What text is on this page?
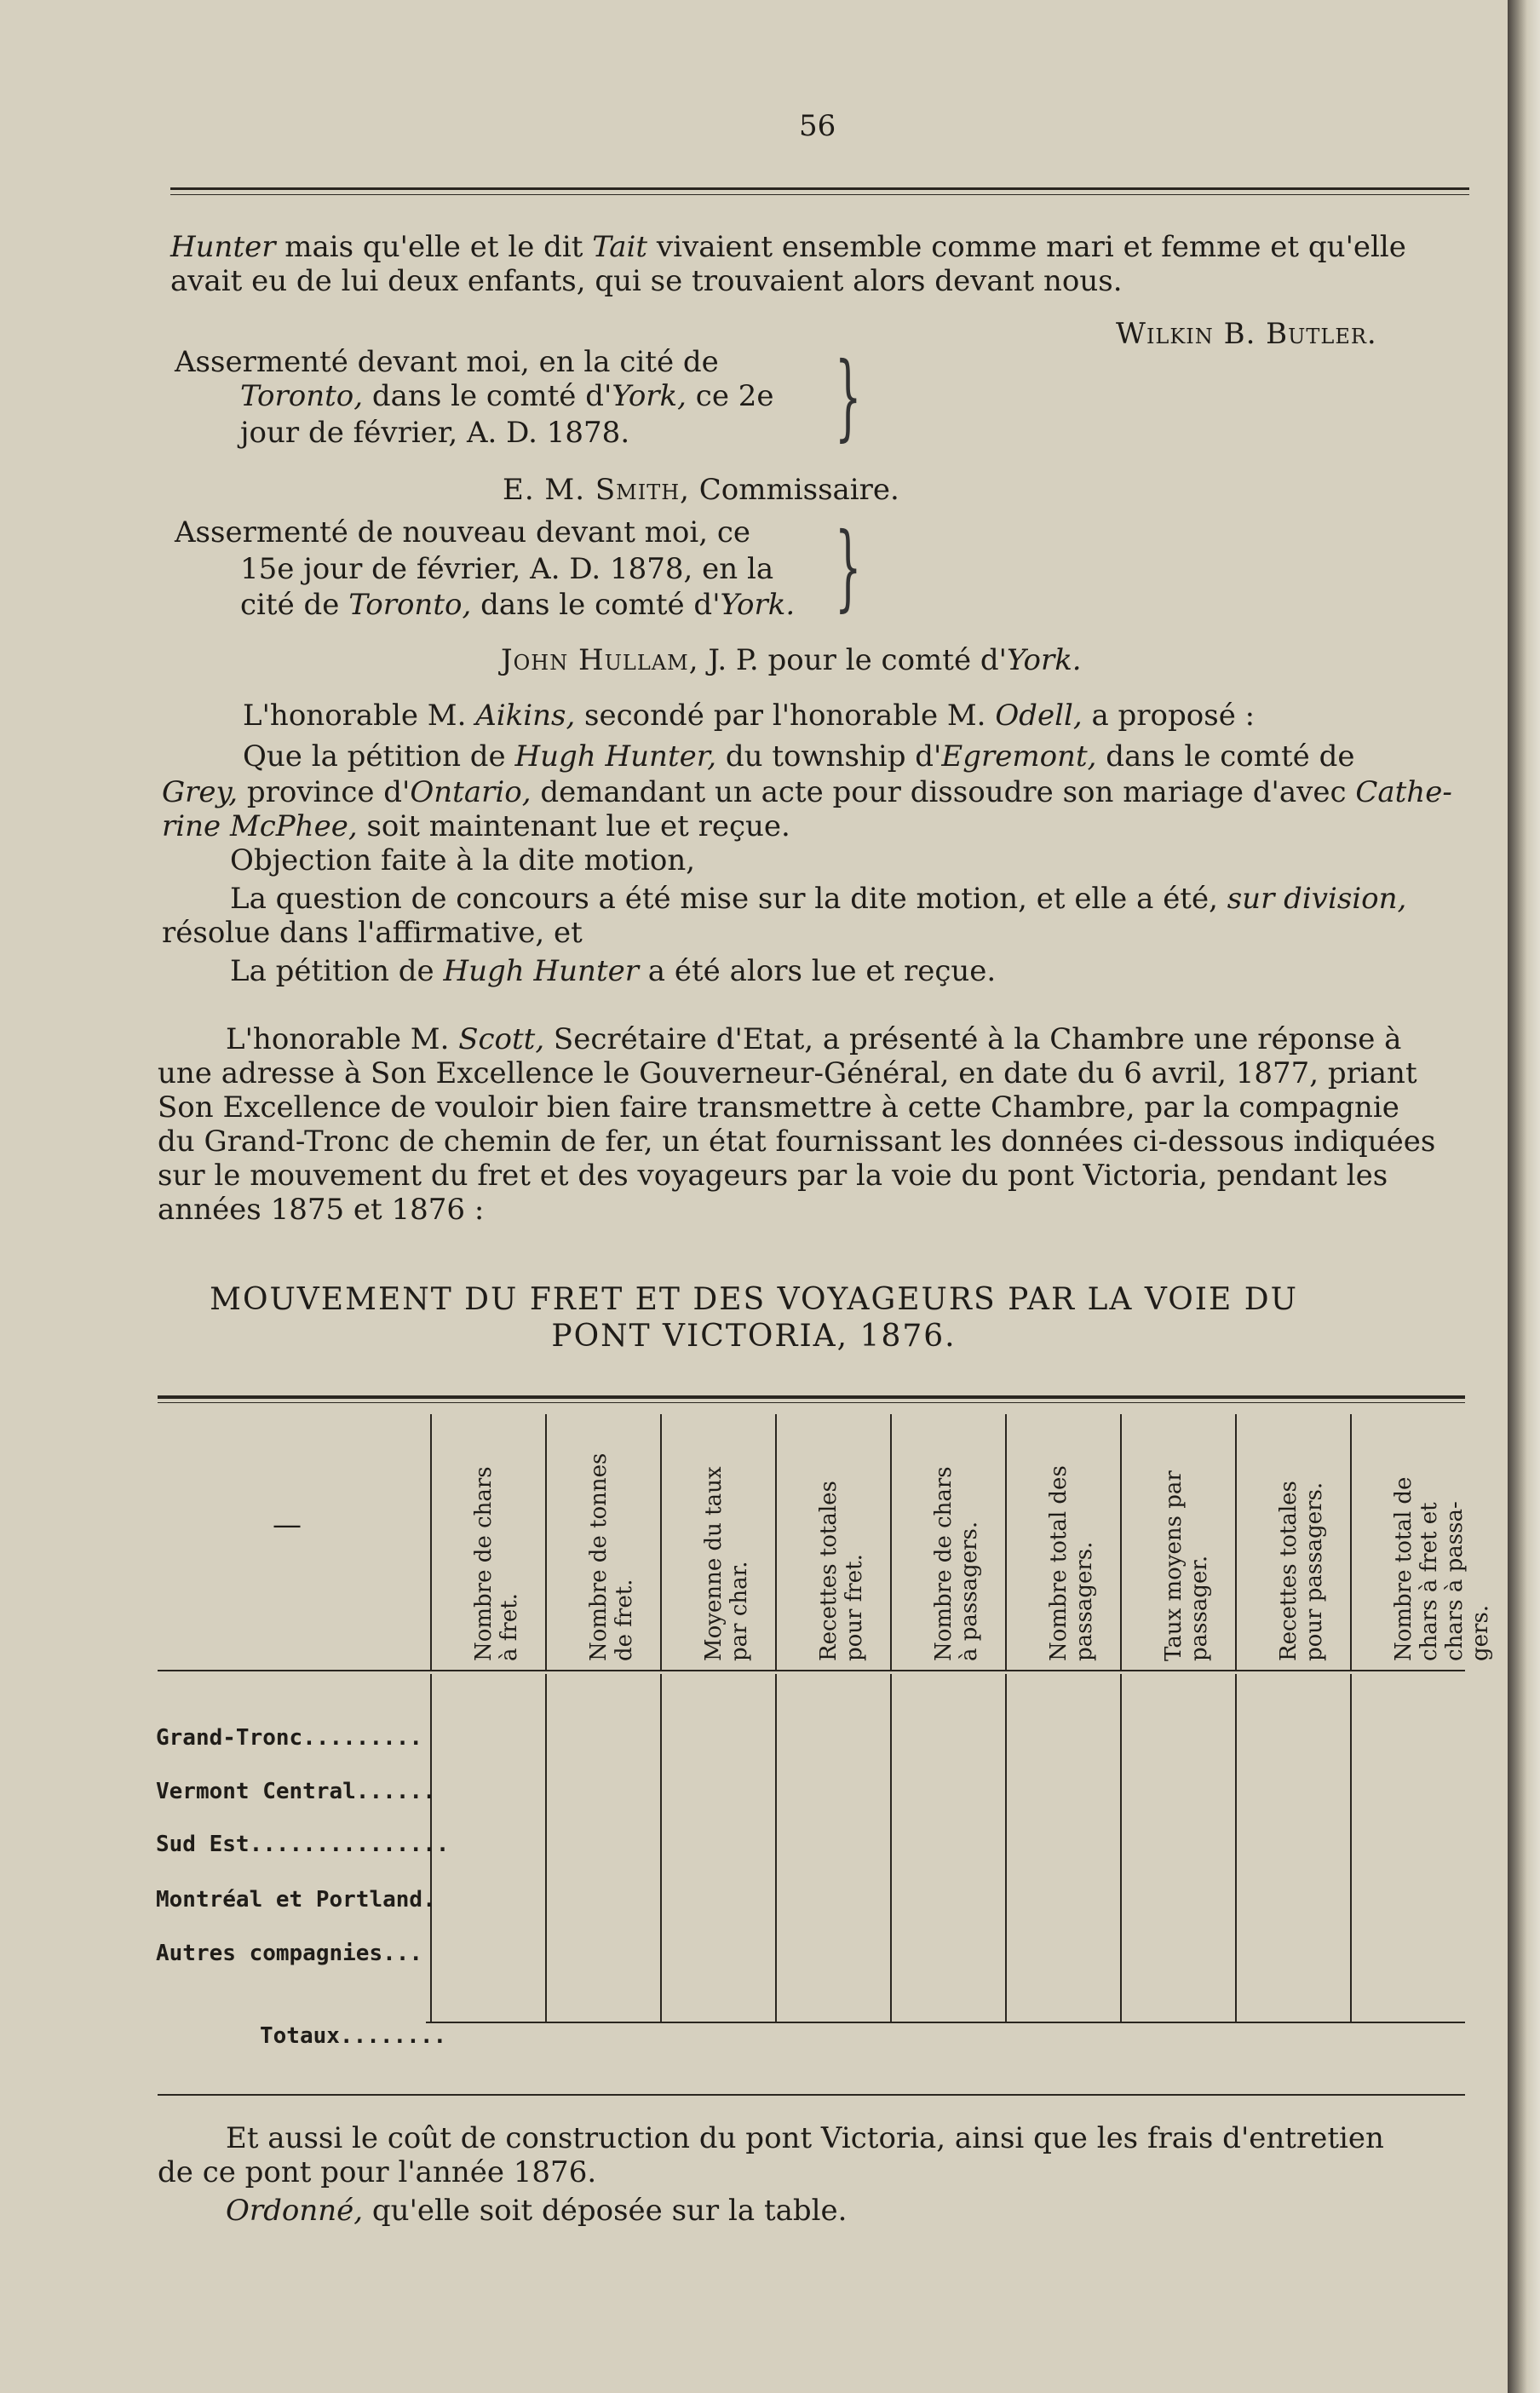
56
Hunter mais qu'elle et le dit Tait vivaient ensemble comme mari et femme et qu'elle
avait eu de lui deux enfants, qui se trouvaient alors devant nous.
Wilkin B. Butler.
Assermenté devant moi, en la cité de
Toronto, dans le comté d'York, ce 2e
jour de février, A. D. 1878. }
E. M. Smith, Commissaire.
Assermenté de nouveau devant moi, ce
15e jour de février, A. D. 1878, en la
cité de Toronto, dans le comté d'York. }
John Hullam, J. P. pour le comté d'York.
L'honorable M. Aikins, secondé par l'honorable M. Odell, a proposé :
Que la pétition de Hugh Hunter, du township d'Egremont, dans le comté de
Grey, province d'Ontario, demandant un acte pour dissoudre son mariage d'avec Cathe-
rine McPhee, soit maintenant lue et reçue.
Objection faite à la dite motion,
La question de concours a été mise sur la dite motion, et elle a été, sur division,
résolue dans l'affirmative, et
La pétition de Hugh Hunter a été alors lue et reçue.
L'honorable M. Scott, Secrétaire d'Etat, a présenté à la Chambre une réponse à
une adresse à Son Excellence le Gouverneur-Général, en date du 6 avril, 1877, priant
Son Excellence de vouloir bien faire transmettre à cette Chambre, par la compagnie
du Grand-Tronc de chemin de fer, un état fournissant les données ci-dessous indiquées
sur le mouvement du fret et des voyageurs par la voie du pont Victoria, pendant les
années 1875 et 1876 :
MOUVEMENT DU FRET ET DES VOYAGEURS PAR LA VOIE DU
PONT VICTORIA, 1876.
—	Nombre de chars à fret.	Nombre de tonnes de fret.	Moyenne du taux par char.	Recettes totales pour fret.	Nombre de chars à passagers.	Nombre total des passagers.	Taux moyens par passager.	Recettes totales pour passagers.	Nombre total de chars à fret et chars à passa- gers.
Grand-Tronc.........
Vermont Central......
Sud Est...............
Montréal et Portland.
Autres compagnies...
Totaux........
Et aussi le coût de construction du pont Victoria, ainsi que les frais d'entretien
de ce pont pour l'année 1876.
Ordonné, qu'elle soit déposée sur la table.
